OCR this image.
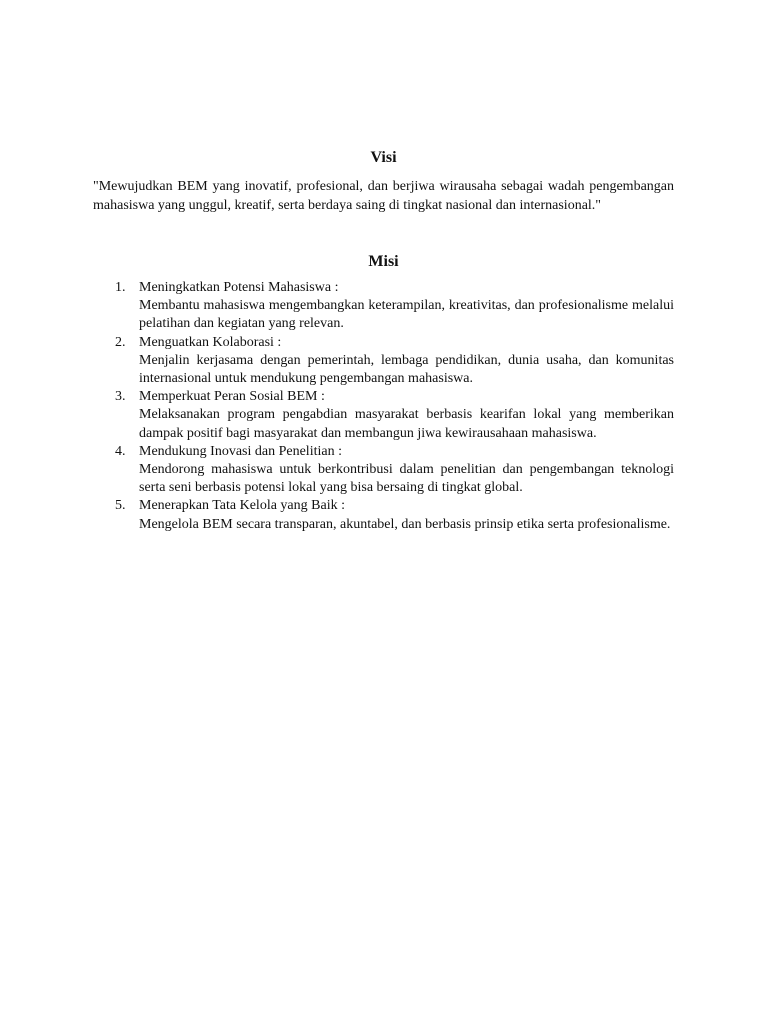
Visi

"Mewujudkan BEM yang inovatif, profesional, dan berjiwa wirausaha sebagai wadah pengembangan mahasiswa yang unggul, kreatif, serta berdaya saing di tingkat nasional dan internasional."

Misi
1. Meningkatkan Potensi Mahasiswa :
Membantu mahasiswa mengembangkan keterampilan, kreativitas, dan profesionalisme melalui pelatihan dan kegiatan yang relevan.
2. Menguatkan Kolaborasi :
Menjalin kerjasama dengan pemerintah, lembaga pendidikan, dunia usaha, dan komunitas internasional untuk mendukung pengembangan mahasiswa.
3. Memperkuat Peran Sosial BEM :
Melaksanakan program pengabdian masyarakat berbasis kearifan lokal yang memberikan dampak positif bagi masyarakat dan membangun jiwa kewirausahaan mahasiswa.
4. Mendukung Inovasi dan Penelitian :
Mendorong mahasiswa untuk berkontribusi dalam penelitian dan pengembangan teknologi serta seni berbasis potensi lokal yang bisa bersaing di tingkat global.
5. Menerapkan Tata Kelola yang Baik :
Mengelola BEM secara transparan, akuntabel, dan berbasis prinsip etika serta profesionalisme.
